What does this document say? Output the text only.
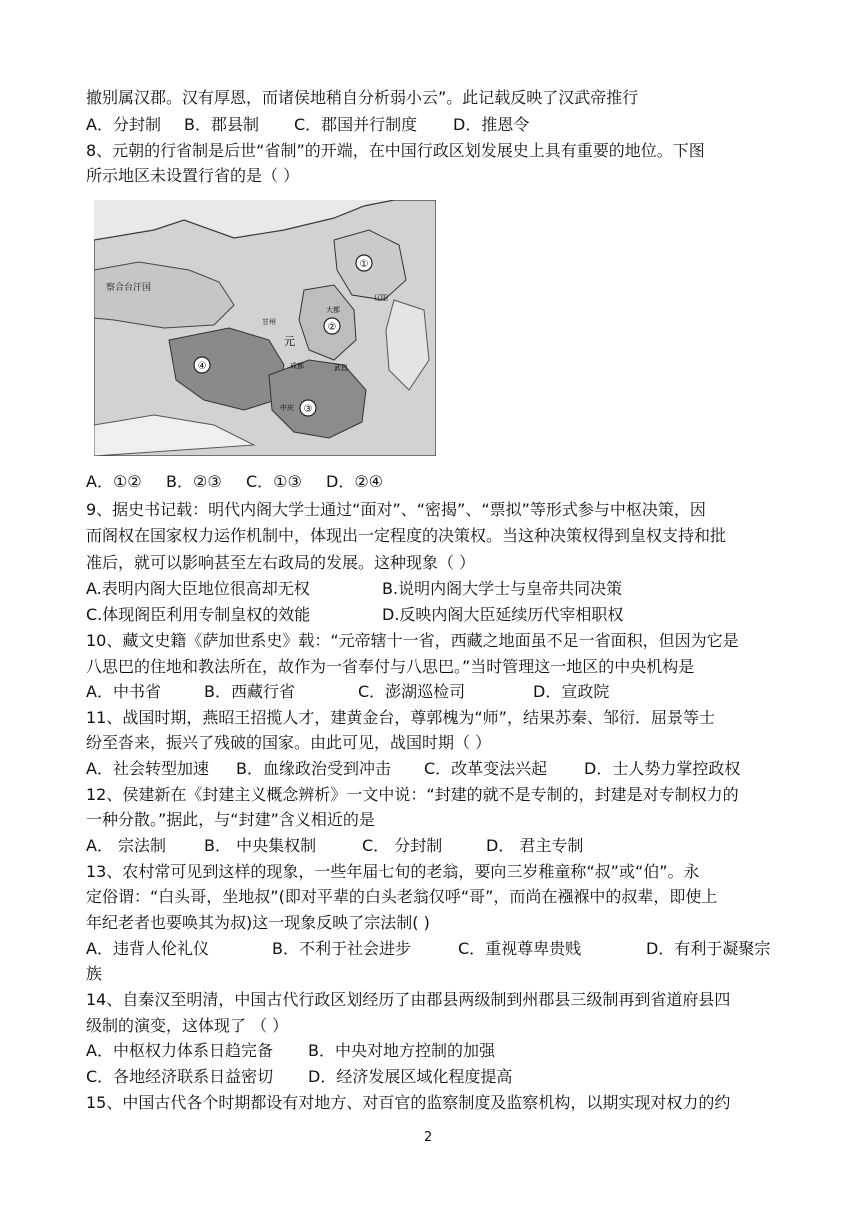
撤别属汉郡。汉有厚恩，而诸侯地稍自分析弱小云”。此记载反映了汉武帝推行
A．分封制 B．郡县制 C．郡国并行制度 D．推恩令
8、元朝的行省制是后世“省制”的开端，在中国行政区划发展史上具有重要的地位。下图
所示地区未设置行省的是（ ）
①
②
③
④
察合台汗国
辽阳
大都
元
中庆
甘州
成都	武昌
A．①② B．②③ C．①③ D．②④
9、据史书记载：明代内阁大学士通过“面对”、“密揭”、“票拟”等形式参与中枢决策，因
而阁权在国家权力运作机制中，体现出一定程度的决策权。当这种决策权得到皇权支持和批
准后，就可以影响甚至左右政局的发展。这种现象（ ）
A.表明内阁大臣地位很高却无权	B.说明内阁大学士与皇帝共同决策
C.体现阁臣利用专制皇权的效能	D.反映内阁大臣延续历代宰相职权
10、藏文史籍《萨加世系史》载：“元帝辖十一省，西藏之地面虽不足一省面积，但因为它是
八思巴的住地和教法所在，故作为一省奉付与八思巴。”当时管理这一地区的中央机构是
A．中书省	B．西藏行省	C．澎湖巡检司	D．宣政院
11、战国时期，燕昭王招揽人才，建黄金台，尊郭槐为“师”，结果苏秦、邹衍．屈景等士
纷至沓来，振兴了残破的国家。由此可见，战国时期（ ）
A．社会转型加速 B．血缘政治受到冲击 C．改革变法兴起 D．士人势力掌控政权
12、侯建新在《封建主义概念辨析》一文中说：“封建的就不是专制的，封建是对专制权力的
一种分散。”据此，与“封建”含义相近的是
A． 宗法制 B． 中央集权制	C． 分封制	D． 君主专制
13、农村常可见到这样的现象，一些年届七旬的老翁，要向三岁稚童称“叔”或“伯”。永
定俗谓：“白头哥，坐地叔”(即对平辈的白头老翁仅呼“哥”，而尚在襁褓中的叔辈，即使上
年纪老者也要唤其为叔)这一现象反映了宗法制( )
A．违背人伦礼仪	B．不利于社会进步	C．重视尊卑贵贱	D．有利于凝聚宗
族
14、自秦汉至明清，中国古代行政区划经历了由郡县两级制到州郡县三级制再到省道府县四
级制的演变，这体现了 （ ）
A．中枢权力体系日趋完备 B．中央对地方控制的加强
C．各地经济联系日益密切 D．经济发展区域化程度提高
15、中国古代各个时期都设有对地方、对百官的监察制度及监察机构，以期实现对权力的约
2
